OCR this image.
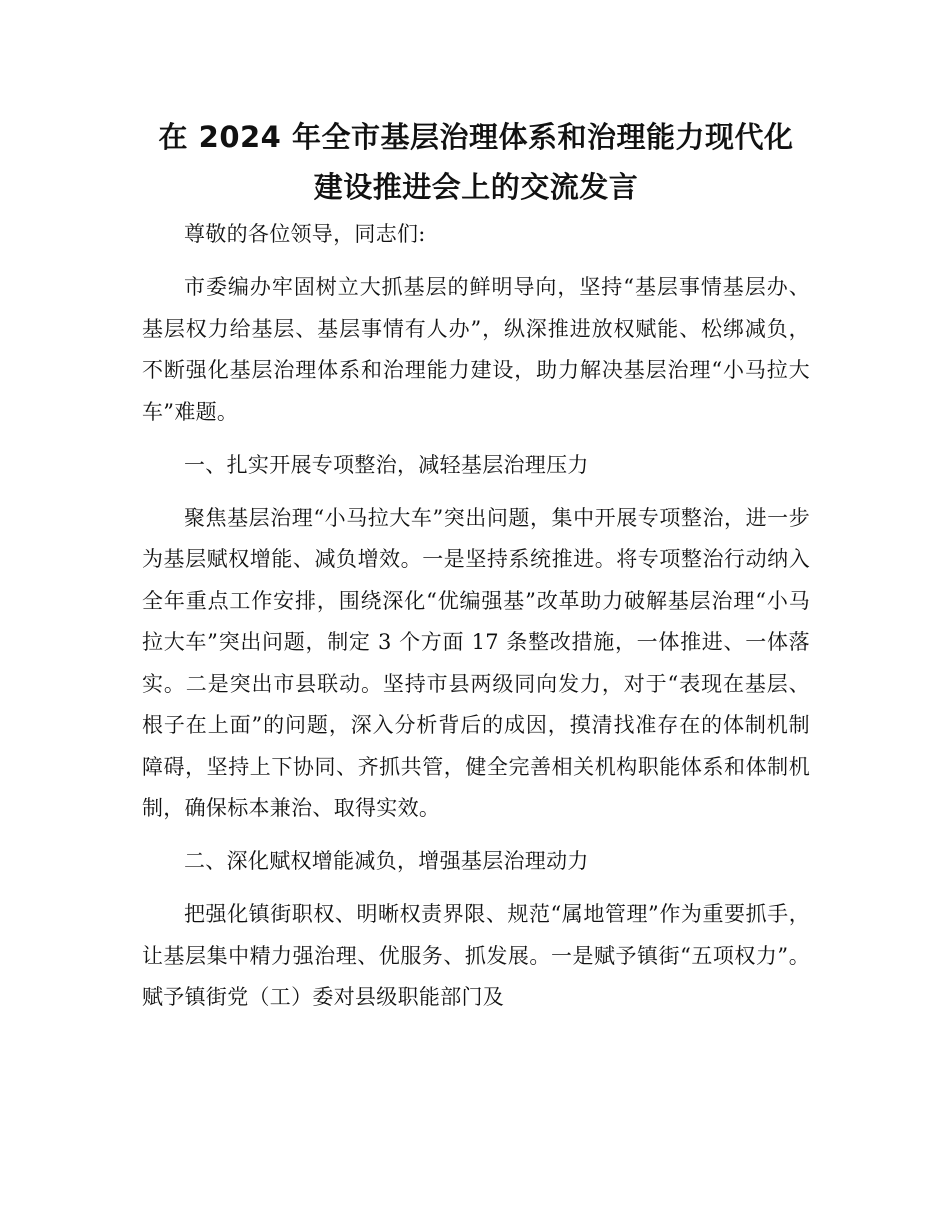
在 2024 年全市基层治理体系和治理能力现代化
建设推进会上的交流发言

尊敬的各位领导，同志们:

市委编办牢固树立大抓基层的鲜明导向，坚持“基层事情基层办、基层权力给基层、基层事情有人办”，纵深推进放权赋能、松绑减负，不断强化基层治理体系和治理能力建设，助力解决基层治理“小马拉大车”难题。

一、扎实开展专项整治，减轻基层治理压力

聚焦基层治理“小马拉大车”突出问题，集中开展专项整治，进一步为基层赋权增能、减负增效。一是坚持系统推进。将专项整治行动纳入全年重点工作安排，围绕深化“优编强基”改革助力破解基层治理“小马拉大车”突出问题，制定 3 个方面 17 条整改措施，一体推进、一体落实。二是突出市县联动。坚持市县两级同向发力，对于“表现在基层、根子在上面”的问题，深入分析背后的成因，摸清找准存在的体制机制障碍，坚持上下协同、齐抓共管，健全完善相关机构职能体系和体制机制，确保标本兼治、取得实效。

二、深化赋权增能减负，增强基层治理动力

把强化镇街职权、明晰权责界限、规范“属地管理”作为重要抓手，让基层集中精力强治理、优服务、抓发展。一是赋予镇街“五项权力”。赋予镇街党（工）委对县级职能部门及
